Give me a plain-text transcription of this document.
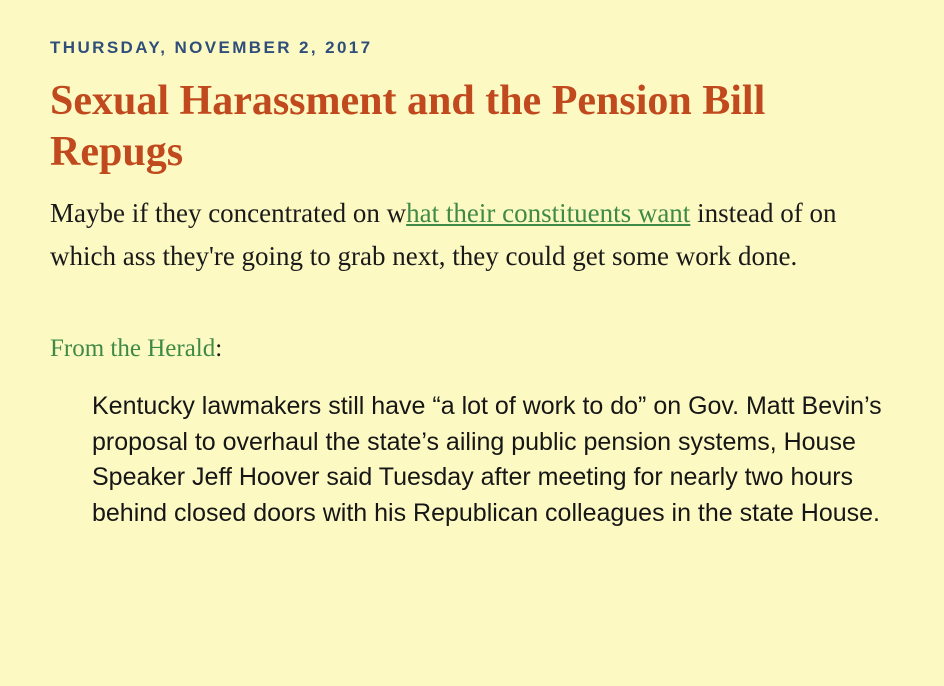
THURSDAY, NOVEMBER 2, 2017
Sexual Harassment and the Pension Bill Repugs

Maybe if they concentrated on what their constituents want instead of on which ass they're going to grab next, they could get some work done.

From the Herald:

Kentucky lawmakers still have “a lot of work to do” on Gov. Matt Bevin’s proposal to overhaul the state’s ailing public pension systems, House Speaker Jeff Hoover said Tuesday after meeting for nearly two hours behind closed doors with his Republican colleagues in the state House.
